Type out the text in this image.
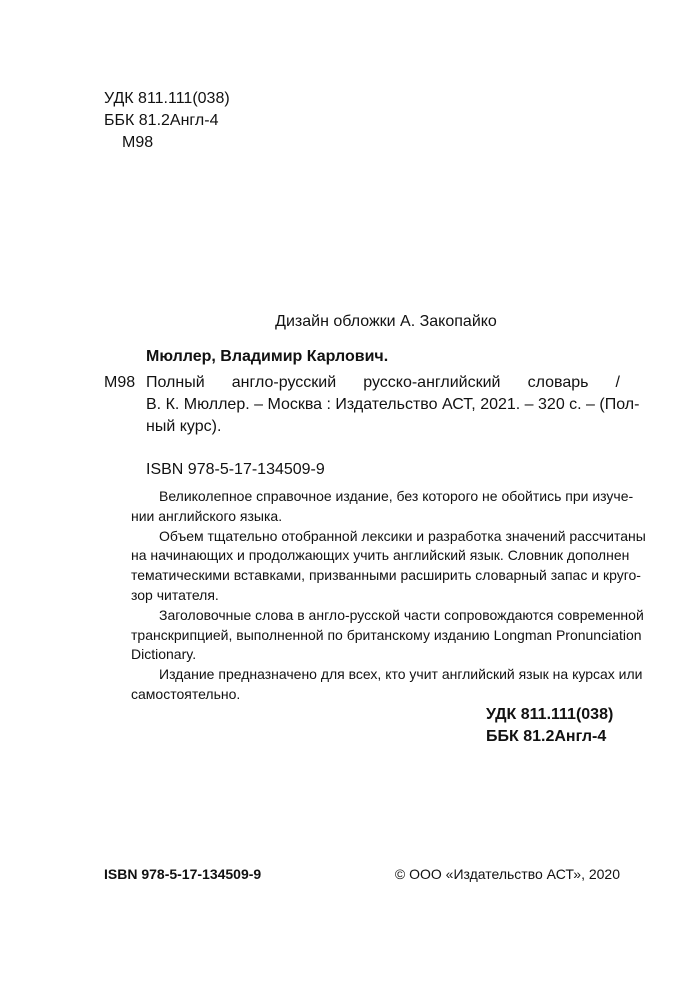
УДК 811.111(038)
ББК 81.2Англ-4
М98
Дизайн обложки А. Закопайко
Мюллер, Владимир Карлович.
М98 Полный англо-русский русско-английский словарь /
В. К. Мюллер. – Москва : Издательство АСТ, 2021. – 320 с. – (Пол-
ный курс).
ISBN 978-5-17-134509-9
Великолепное справочное издание, без которого не обойтись при изуче-
нии английского языка.
Объем тщательно отобранной лексики и разработка значений рассчитаны
на начинающих и продолжающих учить английский язык. Словник дополнен
тематическими вставками, призванными расширить словарный запас и круго-
зор читателя.
Заголовочные слова в англо-русской части сопровождаются современной
транскрипцией, выполненной по британскому изданию Longman Pronunciation
Dictionary.
Издание предназначено для всех, кто учит английский язык на курсах или
самостоятельно.
УДК 811.111(038)
ББК 81.2Англ-4
ISBN 978-5-17-134509-9	© ООО «Издательство АСТ», 2020
